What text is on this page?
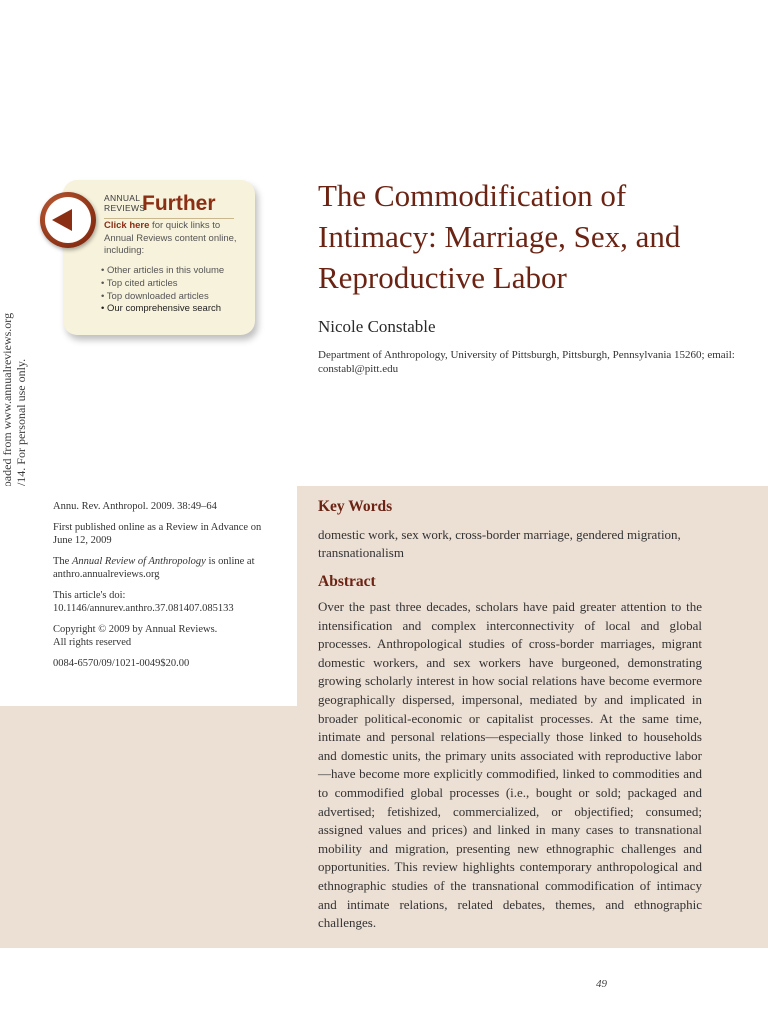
ANNUAL
REVIEWS
Further
Click here for quick links to Annual Reviews content online, including:
• Other articles in this volume
• Top cited articles
• Top downloaded articles
• Our comprehensive search
The Commodification of Intimacy: Marriage, Sex, and Reproductive Labor
Nicole Constable
Department of Anthropology, University of Pittsburgh, Pittsburgh, Pennsylvania 15260; email: constabl@pitt.edu

Annu. Rev. Anthropol. 2009. 38:49–64

First published online as a Review in Advance on June 12, 2009

The Annual Review of Anthropology is online at anthro.annualreviews.org

This article's doi:
10.1146/annurev.anthro.37.081407.085133

Copyright © 2009 by Annual Reviews.
All rights reserved

0084-6570/09/1021-0049$20.00

Key Words
domestic work, sex work, cross-border marriage, gendered migration, transnationalism
Abstract
Over the past three decades, scholars have paid greater attention to the intensification and complex interconnectivity of local and global processes. Anthropological studies of cross-border marriages, migrant domestic workers, and sex workers have burgeoned, demonstrating growing scholarly interest in how social relations have become evermore geographically dispersed, impersonal, mediated by and implicated in broader political-economic or capitalist processes. At the same time, intimate and personal relations—especially those linked to households and domestic units, the primary units associated with reproductive labor—have become more explicitly commodified, linked to commodities and to commodified global processes (i.e., bought or sold; packaged and advertised; fetishized, commercialized, or objectified; consumed; assigned values and prices) and linked in many cases to transnational mobility and migration, presenting new ethnographic challenges and opportunities. This review highlights contemporary anthropological and ethnographic studies of the transnational commodification of intimacy and intimate relations, related debates, themes, and ethnographic challenges.
49
